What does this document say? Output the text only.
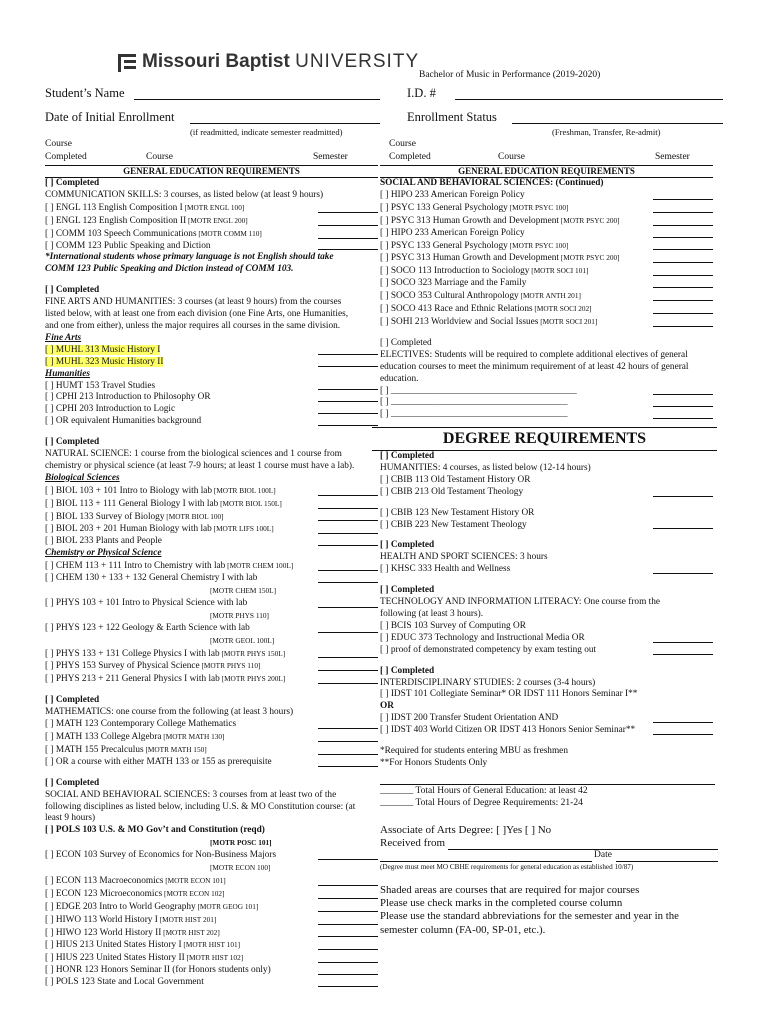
Missouri Baptist UNIVERSITY
Bachelor of Music in Performance (2019-2020)
Student’s Name	I.D. #
Date of Initial Enrollment	Enrollment Status
(if readmitted, indicate semester readmitted)	(Freshman, Transfer, Re-admit)
Course
Completed	Course	Semester
Course
Completed	Course	Semester
GENERAL EDUCATION REQUIREMENTS
[ ] Completed
COMMUNICATION SKILLS: 3 courses, as listed below (at least 9 hours)
[ ] ENGL 113 English Composition I [MOTR ENGL 100]
[ ] ENGL 123 English Composition II [MOTR ENGL 200]
[ ] COMM 103 Speech Communications [MOTR COMM 110]
[ ] COMM 123 Public Speaking and Diction
*International students whose primary language is not English should take
COMM 123 Public Speaking and Diction instead of COMM 103.
[ ] Completed
FINE ARTS AND HUMANITIES: 3 courses (at least 9 hours) from the courses
listed below, with at least one from each division (one Fine Arts, one Humanities,
and one from either), unless the major requires all courses in the same division.
Fine Arts
[ ] MUHL 313 Music History I
[ ] MUHL 323 Music History II
Humanities
[ ] HUMT 153 Travel Studies
[ ] CPHI 213 Introduction to Philosophy OR
[ ] CPHI 203 Introduction to Logic
[ ] OR equivalent Humanities background
[ ] Completed
NATURAL SCIENCE: 1 course from the biological sciences and 1 course from
chemistry or physical science (at least 7-9 hours; at least 1 course must have a lab).
Biological Sciences
[ ] BIOL 103 + 101 Intro to Biology with lab [MOTR BIOL 100L]
[ ] BIOL 113 + 111 General Biology I with lab [MOTR BIOL 150L]
[ ] BIOL 133 Survey of Biology [MOTR BIOL 100]
[ ] BIOL 203 + 201 Human Biology with lab [MOTR LIFS 100L]
[ ] BIOL 233 Plants and People
Chemistry or Physical Science
[ ] CHEM 113 + 111 Intro to Chemistry with lab [MOTR CHEM 100L]
[ ] CHEM 130 + 133 + 132 General Chemistry I with lab
[MOTR CHEM 150L]
[ ] PHYS 103 + 101 Intro to Physical Science with lab
[MOTR PHYS 110]
[ ] PHYS 123 + 122 Geology & Earth Science with lab
[MOTR GEOL 100L]
[ ] PHYS 133 + 131 College Physics I with lab [MOTR PHYS 150L]
[ ] PHYS 153 Survey of Physical Science [MOTR PHYS 110]
[ ] PHYS 213 + 211 General Physics I with lab [MOTR PHYS 200L]
[ ] Completed
MATHEMATICS: one course from the following (at least 3 hours)
[ ] MATH 123 Contemporary College Mathematics
[ ] MATH 133 College Algebra [MOTR MATH 130]
[ ] MATH 155 Precalculus [MOTR MATH 150]
[ ] OR a course with either MATH 133 or 155 as prerequisite
[ ] Completed
SOCIAL AND BEHAVIORAL SCIENCES: 3 courses from at least two of the
following disciplines as listed below, including U.S. & MO Constitution course: (at
least 9 hours)
[ ] POLS 103 U.S. & MO Gov’t and Constitution (reqd)
[MOTR POSC 101]
[ ] ECON 103 Survey of Economics for Non-Business Majors
[MOTR ECON 100]
[ ] ECON 113 Macroeconomics [MOTR ECON 101]
[ ] ECON 123 Microeconomics [MOTR ECON 102]
[ ] EDGE 203 Intro to World Geography [MOTR GEOG 101]
[ ] HIWO 113 World History I [MOTR HIST 201]
[ ] HIWO 123 World History II [MOTR HIST 202]
[ ] HIUS 213 United States History I [MOTR HIST 101]
[ ] HIUS 223 United States History II [MOTR HIST 102]
[ ] HONR 123 Honors Seminar II (for Honors students only)
[ ] POLS 123 State and Local Government
GENERAL EDUCATION REQUIREMENTS
SOCIAL AND BEHAVIORAL SCIENCES: (Continued)
[ ] HIPO 233 American Foreign Policy
[ ] PSYC 133 General Psychology [MOTR PSYC 100]
[ ] PSYC 313 Human Growth and Development [MOTR PSYC 200]
[ ] HIPO 233 American Foreign Policy
[ ] PSYC 133 General Psychology [MOTR PSYC 100]
[ ] PSYC 313 Human Growth and Development [MOTR PSYC 200]
[ ] SOCO 113 Introduction to Sociology [MOTR SOCI 101]
[ ] SOCO 323 Marriage and the Family
[ ] SOCO 353 Cultural Anthropology [MOTR ANTH 201]
[ ] SOCO 413 Race and Ethnic Relations [MOTR SOCI 202]
[ ] SOHI 213 Worldview and Social Issues [MOTR SOCI 201]
[ ] Completed
ELECTIVES: Students will be required to complete additional electives of general
education courses to meet the minimum requirement of at least 42 hours of general
education.
[ ] ________________________________________
[ ] ______________________________________
[ ] ______________________________________
DEGREE REQUIREMENTS
[ ] Completed
HUMANITIES: 4 courses, as listed below (12-14 hours)
[ ] CBIB 113 Old Testament History OR
[ ] CBIB 213 Old Testament Theology
[ ] CBIB 123 New Testament History OR
[ ] CBIB 223 New Testament Theology
[ ] Completed
HEALTH AND SPORT SCIENCES: 3 hours
[ ] KHSC 333 Health and Wellness
[ ] Completed
TECHNOLOGY AND INFORMATION LITERACY: One course from the
following (at least 3 hours).
[ ] BCIS 103 Survey of Computing OR
[ ] EDUC 373 Technology and Instructional Media OR
[ ] proof of demonstrated competency by exam testing out
[ ] Completed
INTERDISCIPLINARY STUDIES: 2 courses (3-4 hours)
[ ] IDST 101 Collegiate Seminar* OR IDST 111 Honors Seminar I**
OR
[ ] IDST 200 Transfer Student Orientation AND
[ ] IDST 403 World Citizen OR IDST 413 Honors Senior Seminar**
*Required for students entering MBU as freshmen
**For Honors Students Only
_______ Total Hours of General Education: at least 42
_______ Total Hours of Degree Requirements: 21-24
Associate of Arts Degree: [ ]Yes [ ] No
Received from
Date
(Degree must meet MO CBHE requirements for general education as established 10/87)
Shaded areas are courses that are required for major courses
Please use check marks in the completed course column
Please use the standard abbreviations for the semester and year in the
semester column (FA-00, SP-01, etc.).
